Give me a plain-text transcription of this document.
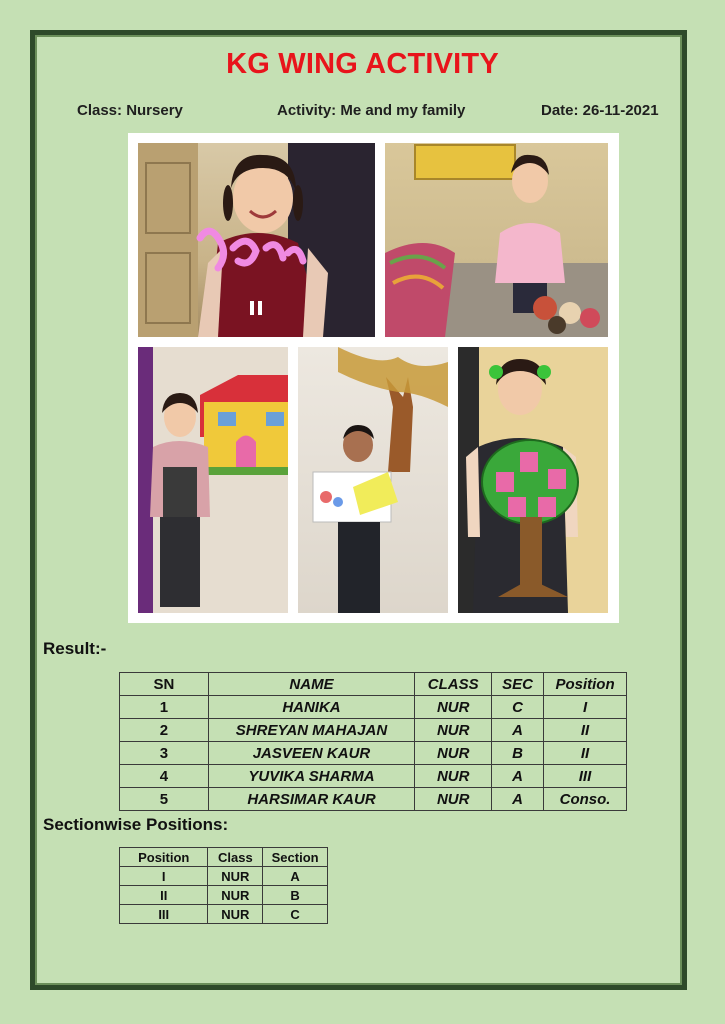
KG WING ACTIVITY
Class: Nursery	Activity: Me and my family	Date: 26-11-2021
Result:-
SN	NAME	CLASS	SEC	Position
1	HANIKA	NUR	C	I
2	SHREYAN MAHAJAN	NUR	A	II
3	JASVEEN KAUR	NUR	B	II
4	YUVIKA SHARMA	NUR	A	III
5	HARSIMAR KAUR	NUR	A	Conso.
Sectionwise Positions:
Position	Class	Section
I	NUR	A
II	NUR	B
III	NUR	C
